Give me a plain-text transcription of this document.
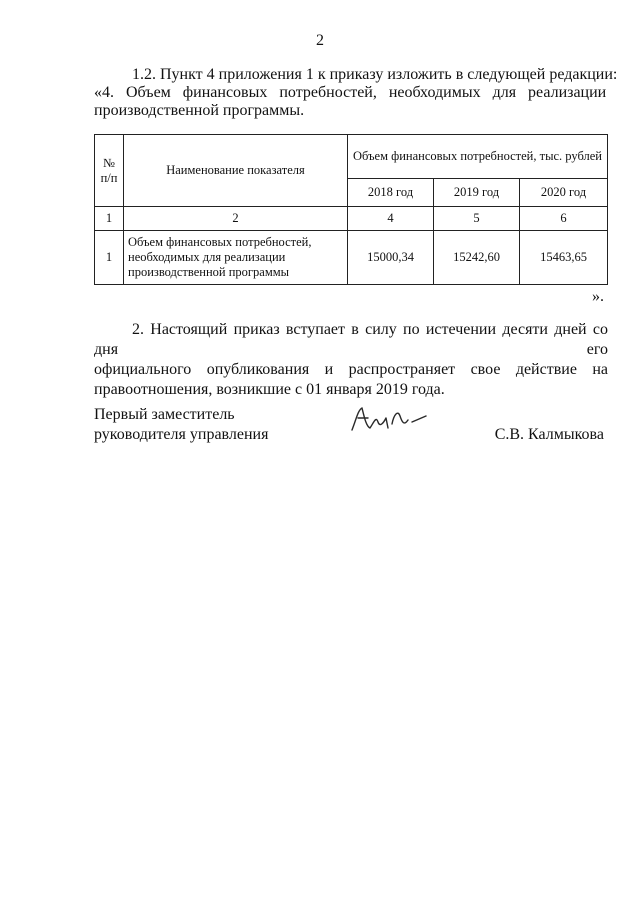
2
1.2. Пункт 4 приложения 1 к приказу изложить в следующей редакции:
«4.   Объем   финансовых   потребностей,   необходимых   для   реализации
производственной программы.
№ п/п	Наименование показателя	Объем финансовых потребностей, тыс. рублей		
		2018 год	2019 год	2020 год
1	2	4	5	6
1	Объем финансовых потребностей, необходимых для реализации производственной программы	15000,34	15242,60	15463,65
».
2. Настоящий приказ вступает в силу по истечении десяти дней со дня его
официального опубликования и распространяет свое действие на
правоотношения, возникшие с 01 января 2019 года.
Первый заместитель
руководителя управления	С.В. Калмыкова
